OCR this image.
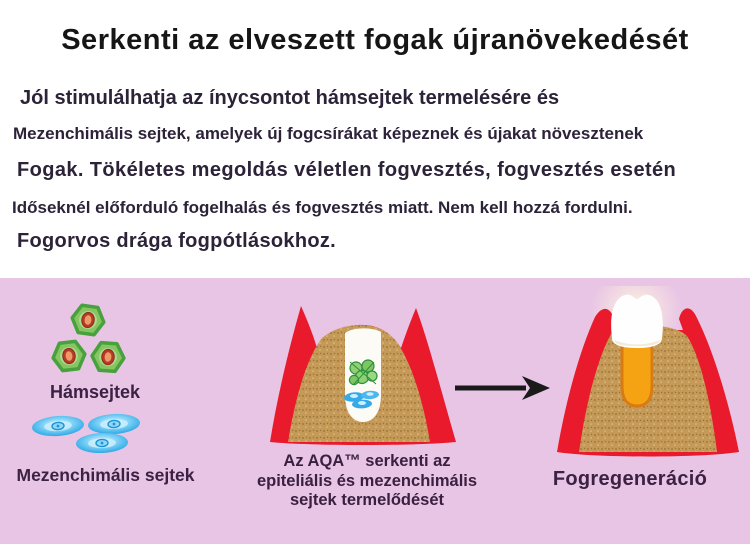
Serkenti az elveszett fogak újranövekedését
Jól stimulálhatja az ínycsontot hámsejtek termelésére és
Mezenchimális sejtek, amelyek új fogcsírákat képeznek és újakat növesztenek
Fogak. Tökéletes megoldás véletlen fogvesztés, fogvesztés esetén
Időseknél előforduló fogelhalás és fogvesztés miatt. Nem kell hozzá fordulni.
Fogorvos drága fogpótlásokhoz.
Hámsejtek
Mezenchimális sejtek
Az AQA™ serkenti az
epiteliális és mezenchimális
sejtek termelődését
Fogregeneráció
